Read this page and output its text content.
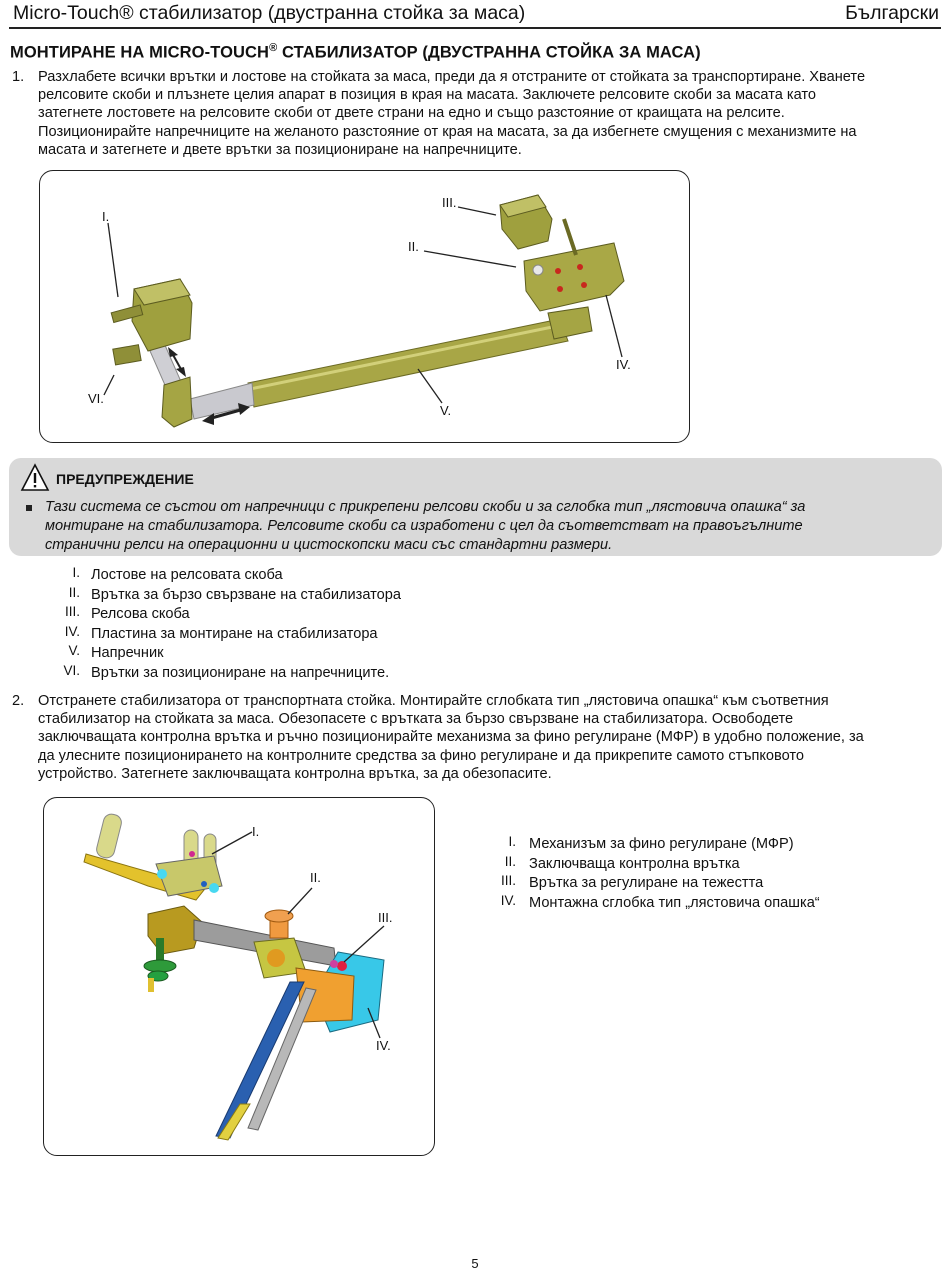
Micro-Touch® стабилизатор (двустранна стойка за маса)	Български
МОНТИРАНЕ НА MICRO-TOUCH® СТАБИЛИЗАТОР (ДВУСТРАННА СТОЙКА ЗА МАСА)
1. Разхлабете всички врътки и лостове на стойката за маса, преди да я отстраните от стойката за транспортиране. Хванете
релсовите скоби и плъзнете целия апарат в позиция в края на масата. Заключете релсовите скоби за масата като
затегнете лостовете на релсовите скоби от двете страни на едно и също разстояние от краищата на релсите.
Позиционирайте напречниците на желаното разстояние от края на масата, за да избегнете смущения с механизмите на
масата и затегнете и двете врътки за позициониране на напречниците.
I.
II.
III.
IV.
V.
VI.
ПРЕДУПРЕЖДЕНИЕ
Тази система се състои от напречници с прикрепени релсови скоби и за сглобка тип „лястовича опашка“ за
монтиране на стабилизатора. Релсовите скоби са изработени с цел да съответстват на правоъгълните
странични релси на операционни и цистоскопски маси със стандартни размери.
I. Лостове на релсовата скоба
II. Врътка за бързо свързване на стабилизатора
III. Релсова скоба
IV. Пластина за монтиране на стабилизатора
V. Напречник
VI. Врътки за позициониране на напречниците.
2. Отстранете стабилизатора от транспортната стойка. Монтирайте сглобката тип „лястовича опашка“ към съответния
стабилизатор на стойката за маса. Обезопасете с врътката за бързо свързване на стабилизатора. Освободете
заключващата контролна врътка и ръчно позиционирайте механизма за фино регулиране (МФР) в удобно положение, за
да улесните позиционирането на контролните средства за фино регулиране и да прикрепите самото стъпковото
устройство. Затегнете заключващата контролна врътка, за да обезопасите.
I.
II.
III.
IV.
I. Механизъм за фино регулиране (МФР)
II. Заключваща контролна врътка
III. Врътка за регулиране на тежестта
IV. Монтажна сглобка тип „лястовича опашка“
5
